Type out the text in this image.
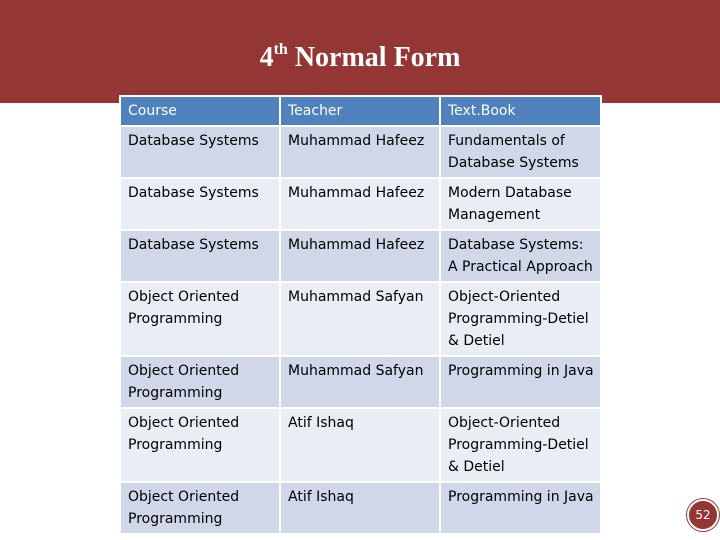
4th Normal Form
Course	Teacher	Text.Book
Database Systems	Muhammad Hafeez	Fundamentals of Database Systems
Database Systems	Muhammad Hafeez	Modern Database Management
Database Systems	Muhammad Hafeez	Database Systems: A Practical Approach
Object Oriented Programming	Muhammad Safyan	Object-Oriented Programming-Detiel & Detiel
Object Oriented Programming	Muhammad Safyan	Programming in Java
Object Oriented Programming	Atif Ishaq	Object-Oriented Programming-Detiel & Detiel
Object Oriented Programming	Atif Ishaq	Programming in Java
52
